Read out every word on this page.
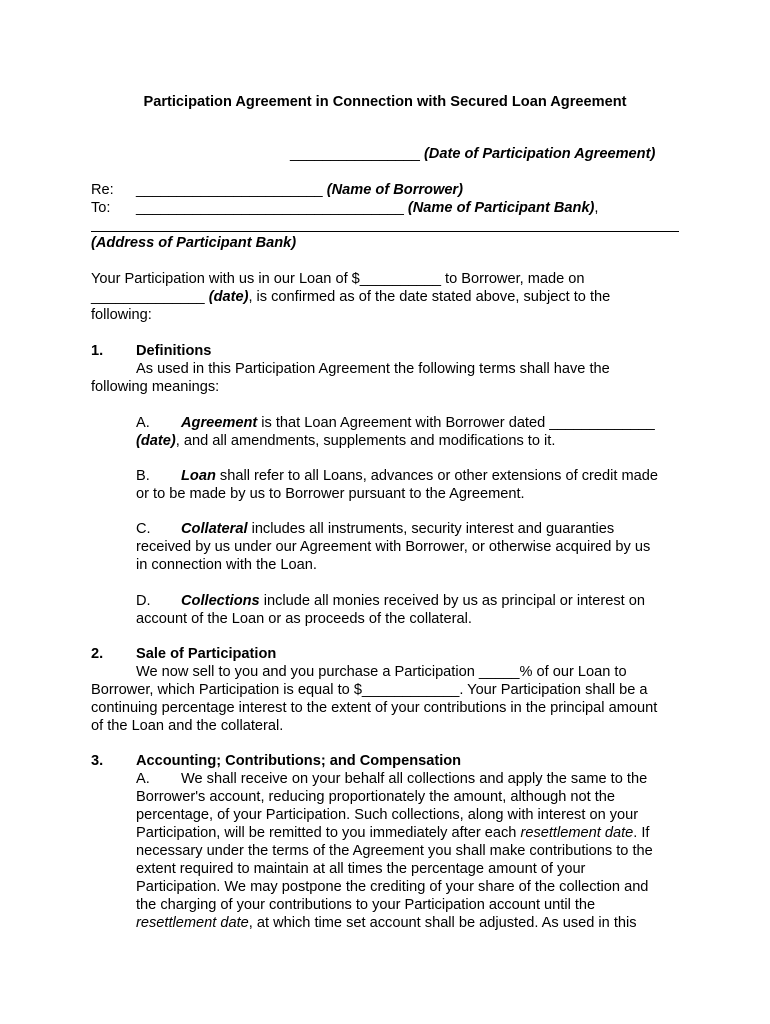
Participation Agreement in Connection with Secured Loan Agreement
________________ (Date of Participation Agreement)
Re: _______________________ (Name of Borrower)
To: _________________________________ (Name of Participant Bank),
(Address of Participant Bank)
Your Participation with us in our Loan of $__________ to Borrower, made on
______________ (date), is confirmed as of the date stated above, subject to the
following:
1. Definitions
As used in this Participation Agreement the following terms shall have the
following meanings:
A. Agreement is that Loan Agreement with Borrower dated _____________
(date), and all amendments, supplements and modifications to it.
B. Loan shall refer to all Loans, advances or other extensions of credit made
or to be made by us to Borrower pursuant to the Agreement.
C. Collateral includes all instruments, security interest and guaranties
received by us under our Agreement with Borrower, or otherwise acquired by us
in connection with the Loan.
D. Collections include all monies received by us as principal or interest on
account of the Loan or as proceeds of the collateral.
2. Sale of Participation
We now sell to you and you purchase a Participation _____% of our Loan to
Borrower, which Participation is equal to $____________. Your Participation shall be a
continuing percentage interest to the extent of your contributions in the principal amount
of the Loan and the collateral.
3. Accounting; Contributions; and Compensation
A. We shall receive on your behalf all collections and apply the same to the
Borrower's account, reducing proportionately the amount, although not the
percentage, of your Participation. Such collections, along with interest on your
Participation, will be remitted to you immediately after each resettlement date. If
necessary under the terms of the Agreement you shall make contributions to the
extent required to maintain at all times the percentage amount of your
Participation. We may postpone the crediting of your share of the collection and
the charging of your contributions to your Participation account until the
resettlement date, at which time set account shall be adjusted. As used in this
